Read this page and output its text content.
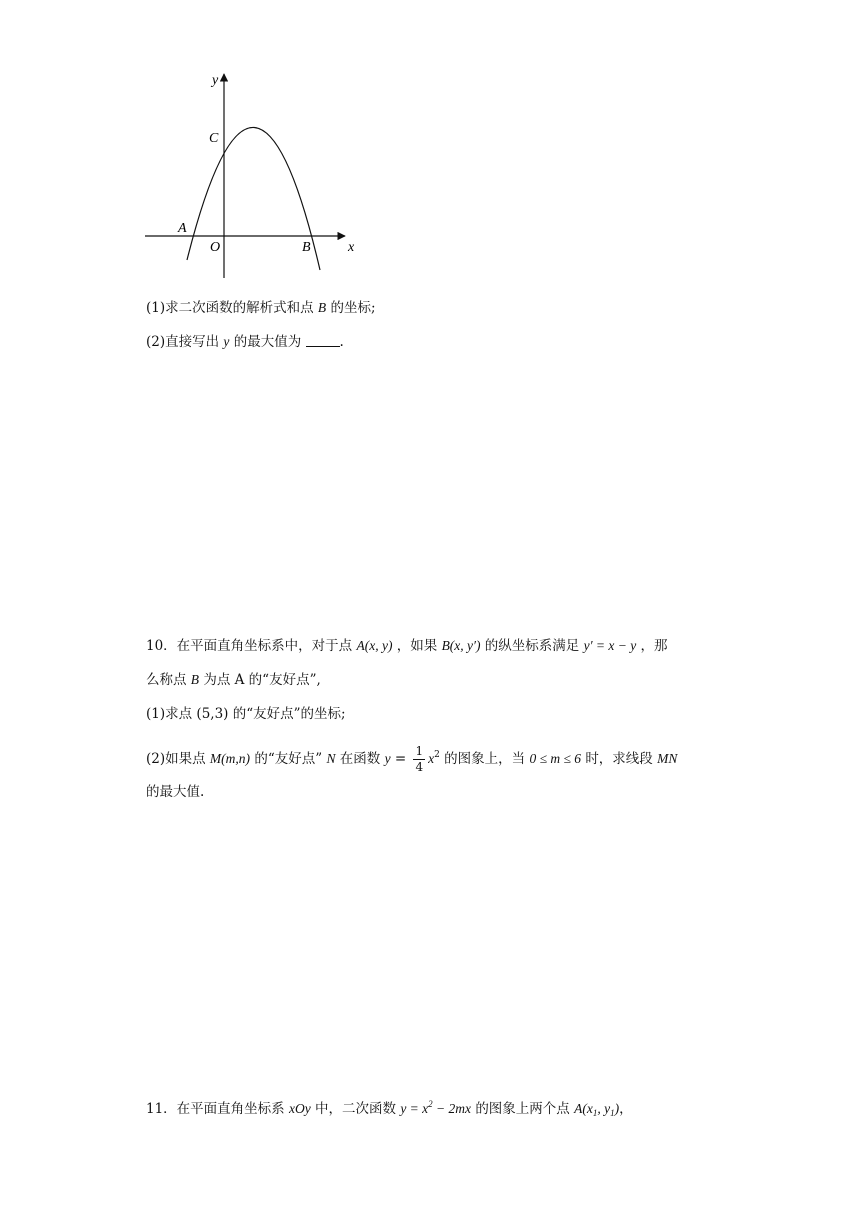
y
x
C
A
O	B
(1)求二次函数的解析式和点 B 的坐标;
(2)直接写出 y 的最大值为	.
10．在平面直角坐标系中，对于点 A(x, y) ，如果 B(x, y′) 的纵坐标系满足 y′ = x − y ，那
么称点 B 为点 A 的“友好点”,
(1)求点 (5,3) 的“友好点”的坐标;
(2)如果点 M(m,n) 的“友好点” N 在函数 $y = \frac{1}{4} x^2$ 的图象上，当 0 ≤ m ≤ 6 时，求线段 MN
的最大值.
11．在平面直角坐标系 xOy 中，二次函数 $y = x^2 - 2mx$ 的图象上两个点 $A(x_1$, $y_1$)，
